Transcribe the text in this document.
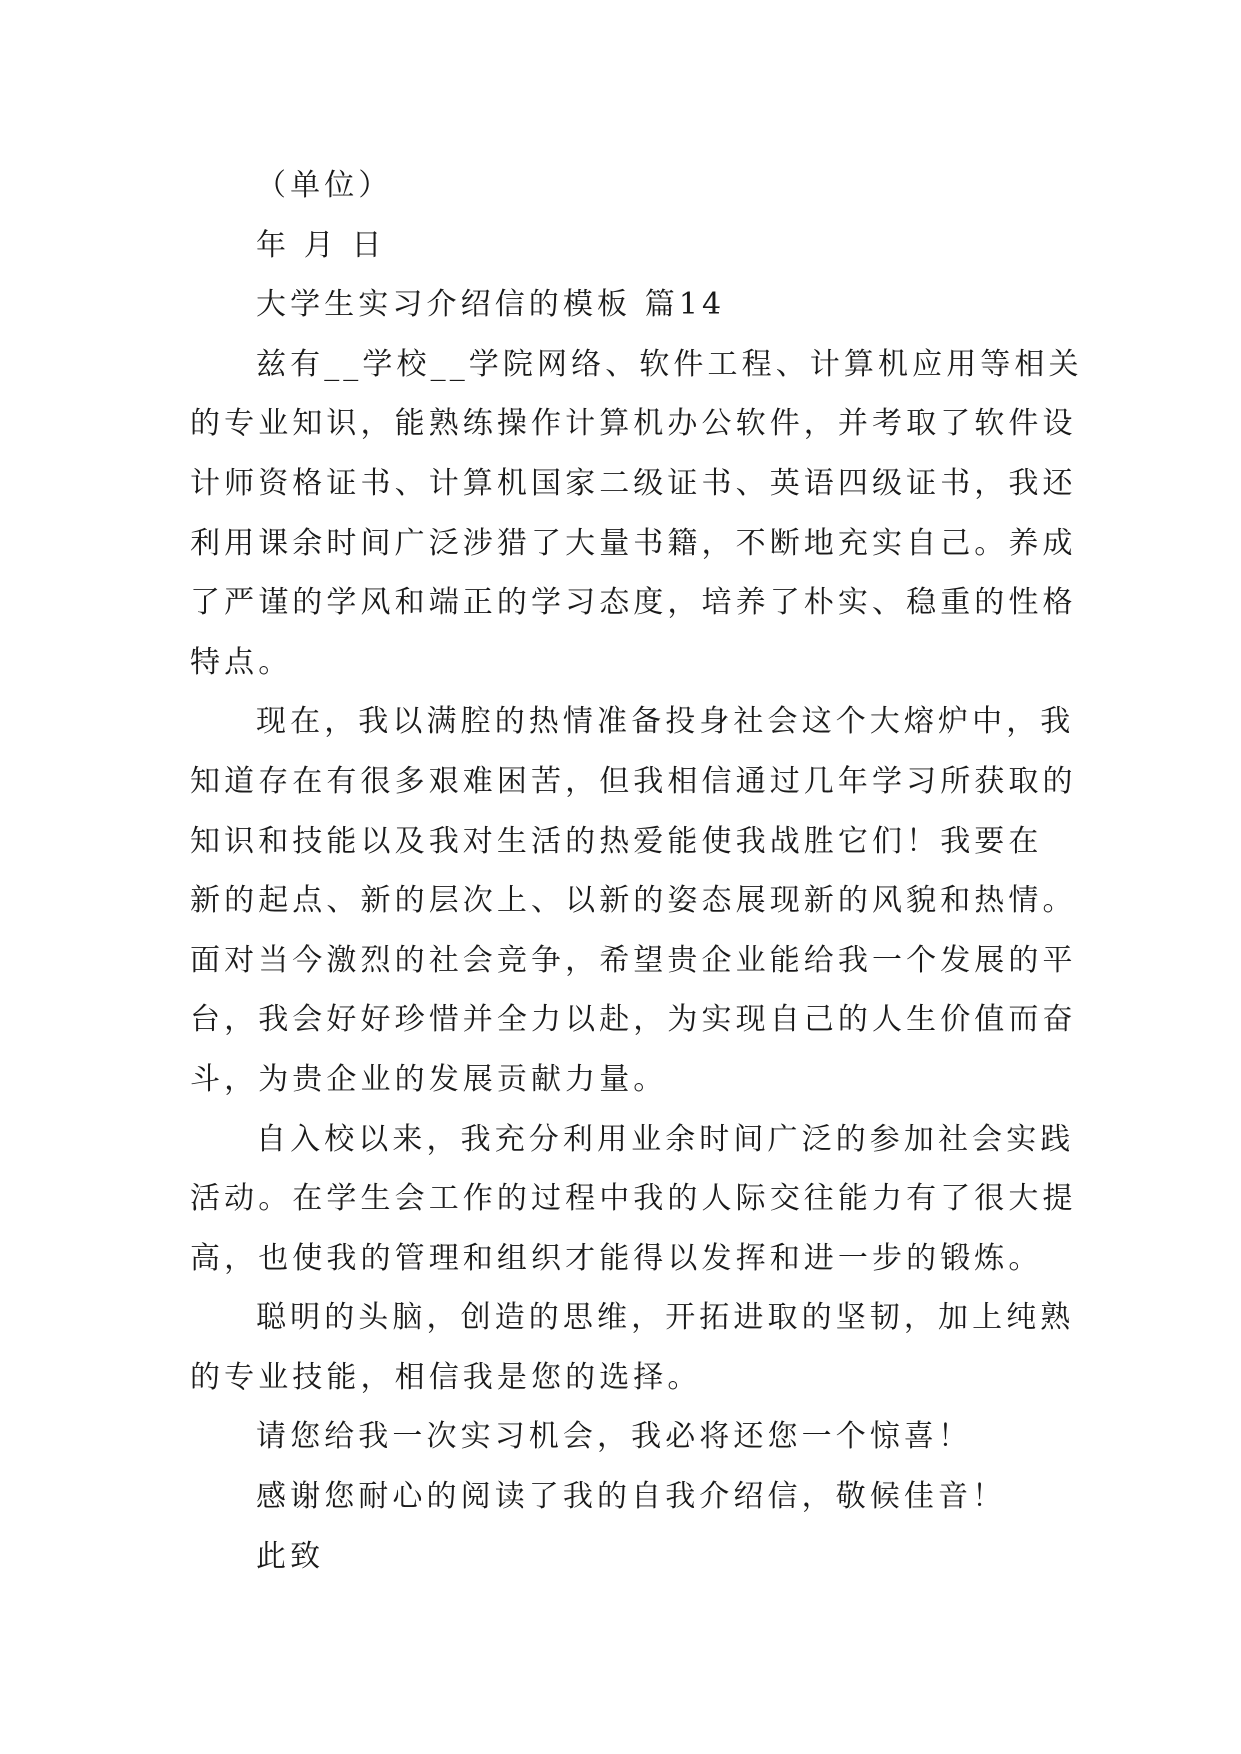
（单位）

年 月 日

大学生实习介绍信的模板 篇14

兹有__学校__学院网络、软件工程、计算机应用等相关

的专业知识，能熟练操作计算机办公软件，并考取了软件设

计师资格证书、计算机国家二级证书、英语四级证书，我还

利用课余时间广泛涉猎了大量书籍，不断地充实自己。养成

了严谨的学风和端正的学习态度，培养了朴实、稳重的性格

特点。

现在，我以满腔的热情准备投身社会这个大熔炉中，我

知道存在有很多艰难困苦，但我相信通过几年学习所获取的

知识和技能以及我对生活的热爱能使我战胜它们！我要在

新的起点、新的层次上、以新的姿态展现新的风貌和热情。

面对当今激烈的社会竞争，希望贵企业能给我一个发展的平

台，我会好好珍惜并全力以赴，为实现自己的人生价值而奋

斗，为贵企业的发展贡献力量。

自入校以来，我充分利用业余时间广泛的参加社会实践

活动。在学生会工作的过程中我的人际交往能力有了很大提

高，也使我的管理和组织才能得以发挥和进一步的锻炼。

聪明的头脑，创造的思维，开拓进取的坚韧，加上纯熟

的专业技能，相信我是您的选择。

请您给我一次实习机会，我必将还您一个惊喜！

感谢您耐心的阅读了我的自我介绍信，敬候佳音！

此致
